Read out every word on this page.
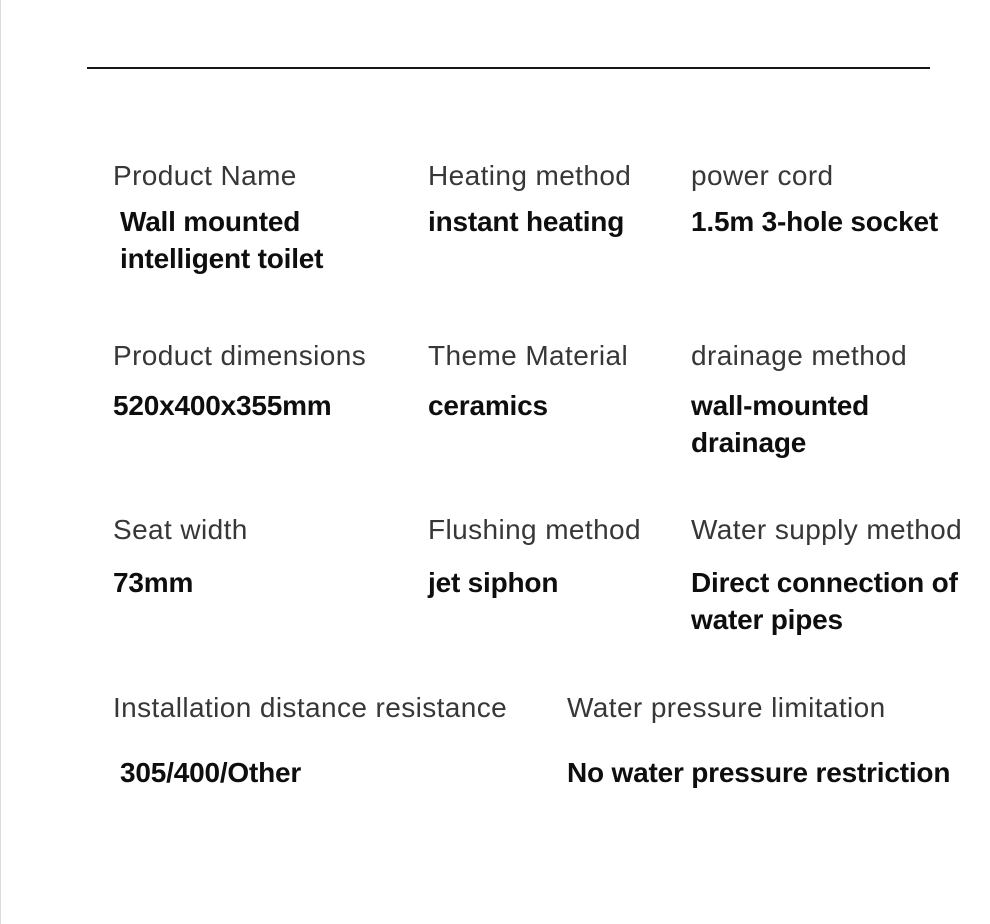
Product Name
Wall mounted intelligent toilet
Heating method
instant heating
power cord
1.5m 3-hole socket
Product dimensions
520x400x355mm
Theme Material
ceramics
drainage method
wall-mounted drainage
Seat width
73mm
Flushing method
jet siphon
Water supply method
Direct connection of water pipes
Installation distance resistance
305/400/Other
Water pressure limitation
No water pressure restriction
